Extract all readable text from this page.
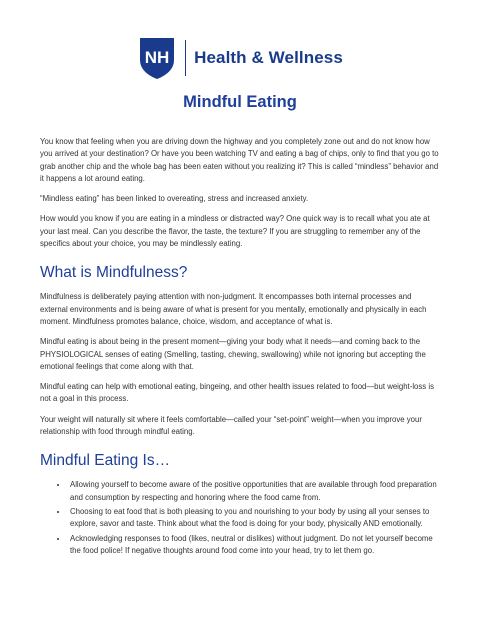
NH Health & Wellness
Mindful Eating

You know that feeling when you are driving down the highway and you completely zone out and do not know how you arrived at your destination? Or have you been watching TV and eating a bag of chips, only to find that you go to grab another chip and the whole bag has been eaten without you realizing it? This is called “mindless” behavior and it happens a lot around eating.

“Mindless eating” has been linked to overeating, stress and increased anxiety.

How would you know if you are eating in a mindless or distracted way? One quick way is to recall what you ate at your last meal. Can you describe the flavor, the taste, the texture? If you are struggling to remember any of the specifics about your choice, you may be mindlessly eating.

What is Mindfulness?

Mindfulness is deliberately paying attention with non-judgment. It encompasses both internal processes and external environments and is being aware of what is present for you mentally, emotionally and physically in each moment. Mindfulness promotes balance, choice, wisdom, and acceptance of what is.

Mindful eating is about being in the present moment—giving your body what it needs—and coming back to the PHYSIOLOGICAL senses of eating (Smelling, tasting, chewing, swallowing) while not ignoring but accepting the emotional feelings that come along with that.

Mindful eating can help with emotional eating, bingeing, and other health issues related to food—but weight-loss is not a goal in this process.

Your weight will naturally sit where it feels comfortable—called your “set-point” weight—when you improve your relationship with food through mindful eating.

Mindful Eating Is…
• Allowing yourself to become aware of the positive opportunities that are available through food preparation and consumption by respecting and honoring where the food came from.
• Choosing to eat food that is both pleasing to you and nourishing to your body by using all your senses to explore, savor and taste. Think about what the food is doing for your body, physically AND emotionally.
• Acknowledging responses to food (likes, neutral or dislikes) without judgment. Do not let yourself become the food police! If negative thoughts around food come into your head, try to let them go.
